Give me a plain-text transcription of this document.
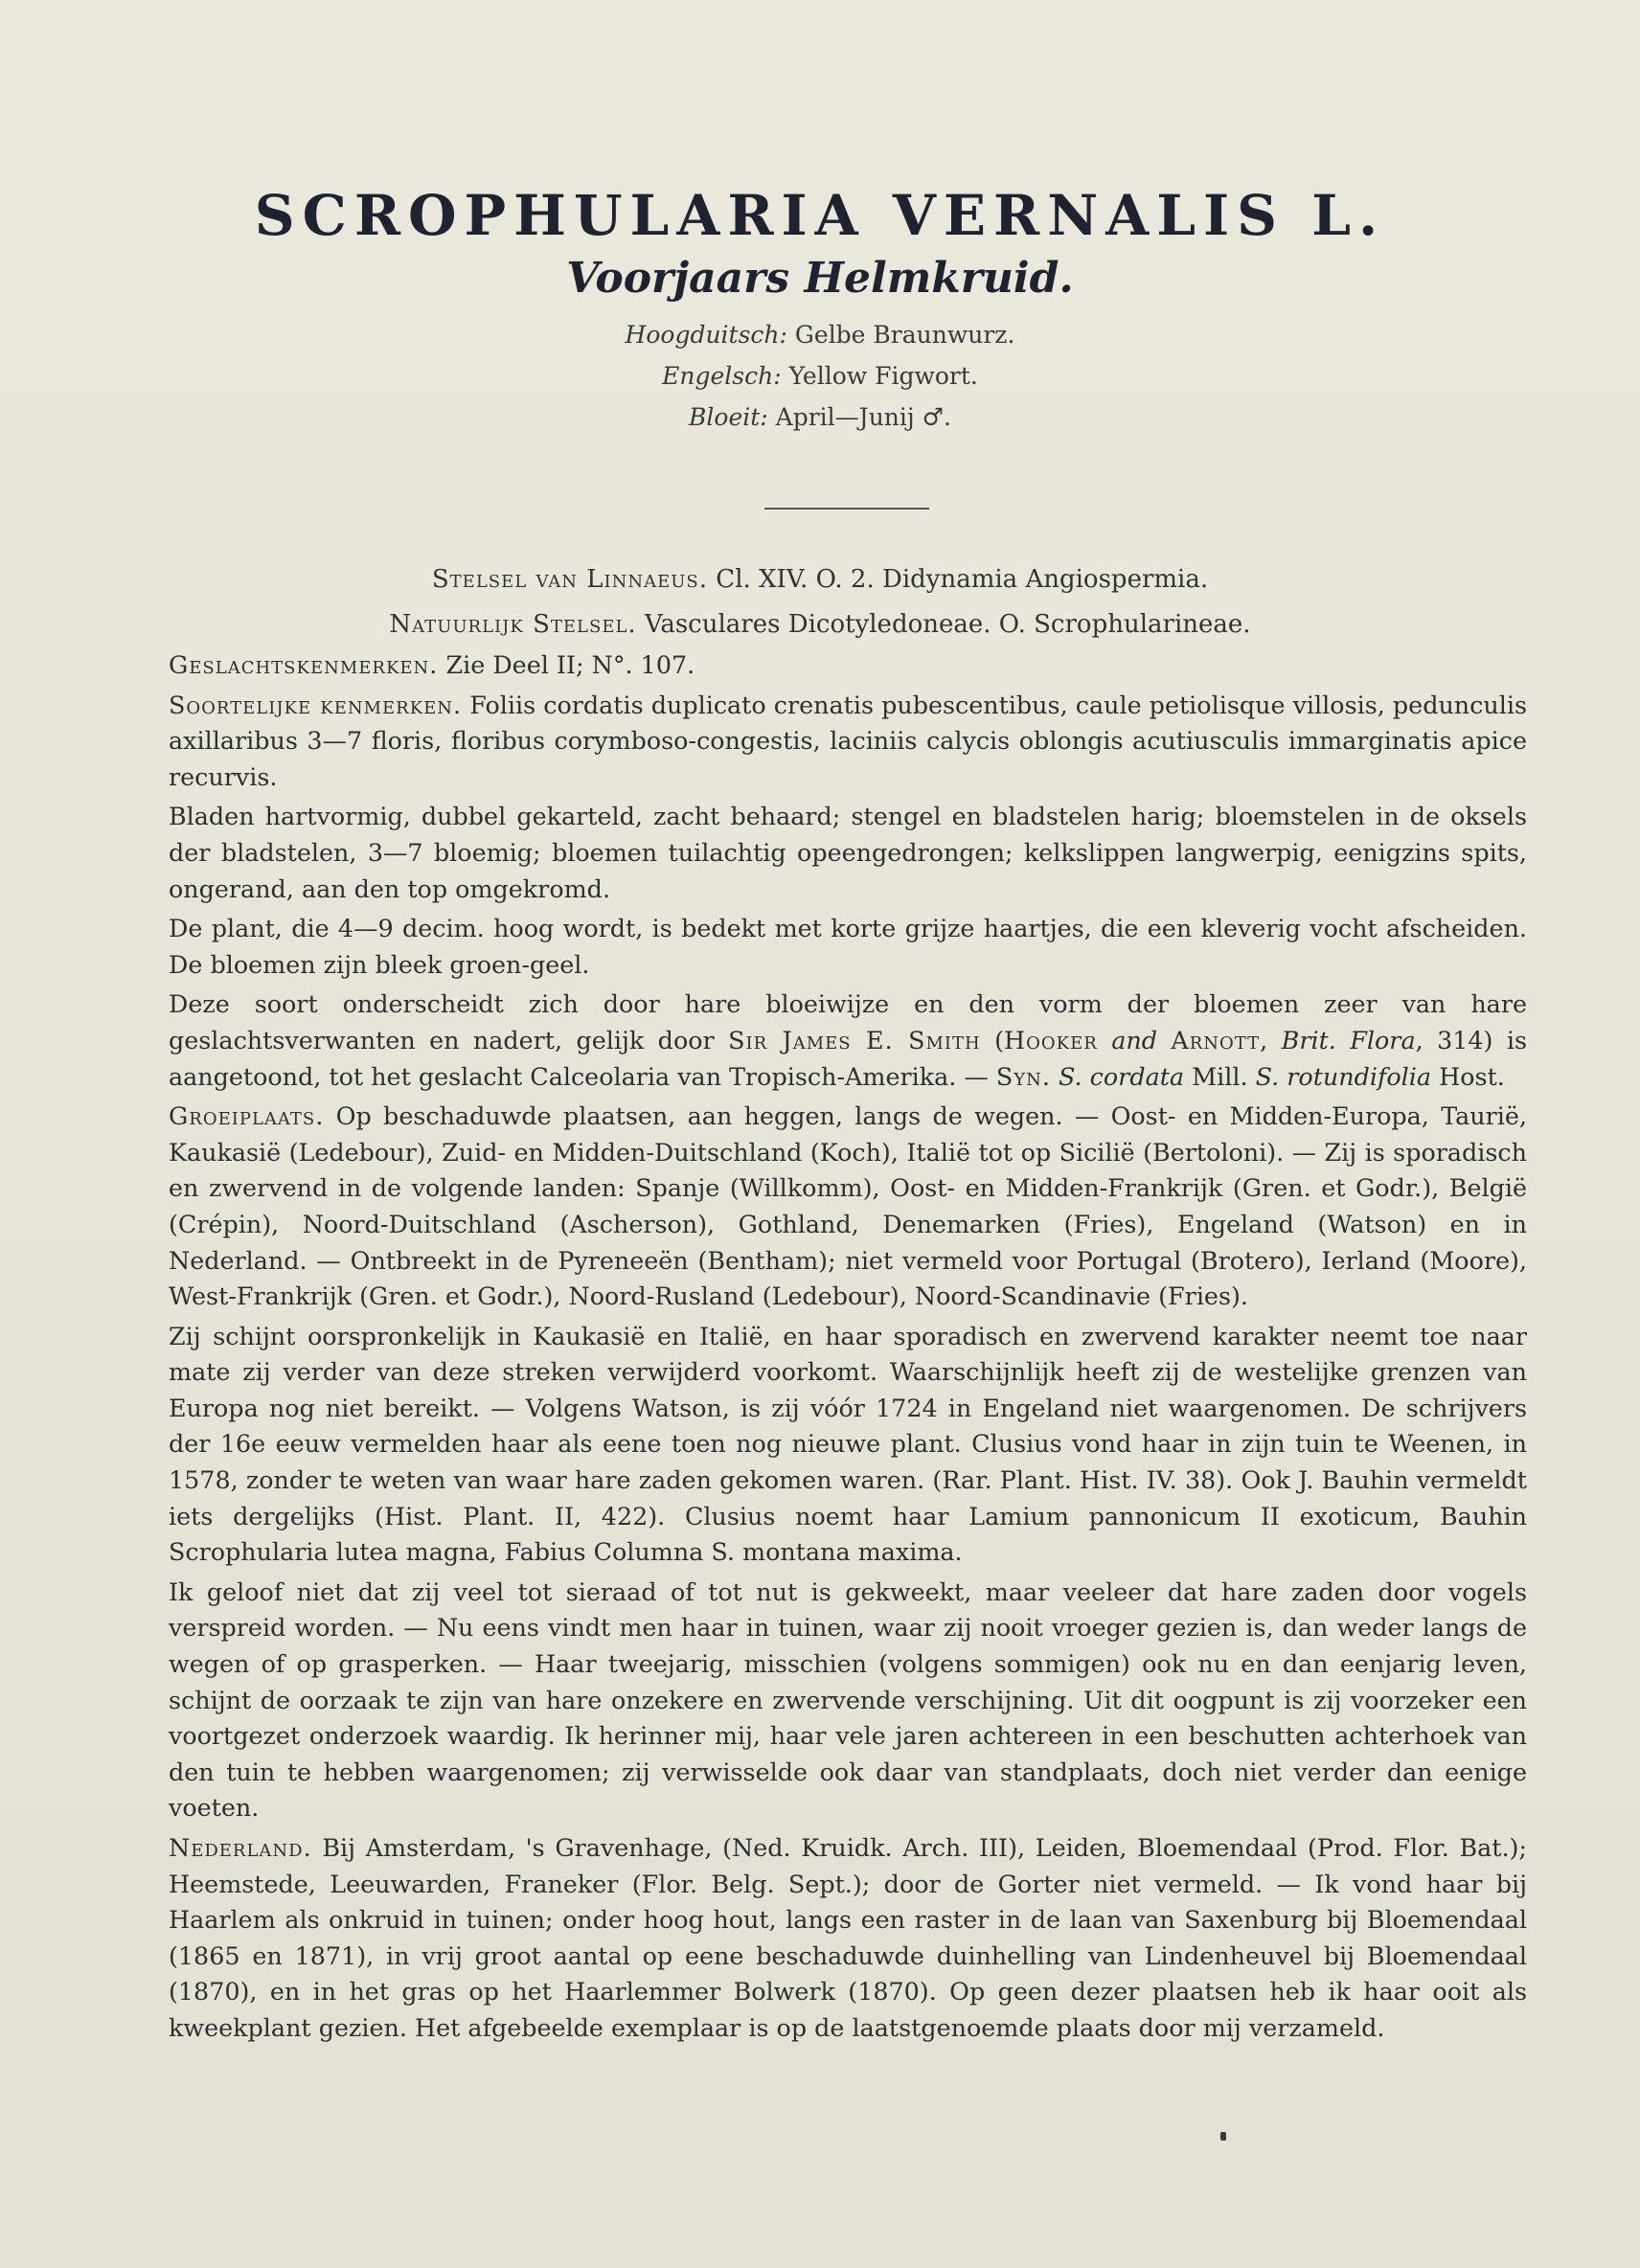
SCROPHULARIA VERNALIS L.
Voorjaars Helmkruid.
Hoogduitsch: Gelbe Braunwurz.
Engelsch: Yellow Figwort.
Bloeit: April—Junij ♂.
Stelsel van Linnaeus. Cl. XIV. O. 2. Didynamia Angiospermia.
Natuurlijk Stelsel. Vasculares Dicotyledoneae. O. Scrophularineae.

Geslachtskenmerken. Zie Deel II; N°. 107.

Soortelijke kenmerken. Foliis cordatis duplicato crenatis pubescentibus, caule petiolisque villosis, pedunculis axillaribus 3—7 floris, floribus corymboso-congestis, laciniis calycis oblongis acutiusculis immarginatis apice recurvis.

Bladen hartvormig, dubbel gekarteld, zacht behaard; stengel en bladstelen harig; bloemstelen in de oksels der bladstelen, 3—7 bloemig; bloemen tuilachtig opeengedrongen; kelkslippen langwerpig, eenigzins spits, ongerand, aan den top omgekromd.

De plant, die 4—9 decim. hoog wordt, is bedekt met korte grijze haartjes, die een kleverig vocht afscheiden. De bloemen zijn bleek groen-geel.

Deze soort onderscheidt zich door hare bloeiwijze en den vorm der bloemen zeer van hare geslachtsverwanten en nadert, gelijk door Sir James E. Smith (Hooker and Arnott, Brit. Flora, 314) is aangetoond, tot het geslacht Calceolaria van Tropisch-Amerika. — Syn. S. cordata Mill. S. rotundifolia Host.

Groeiplaats. Op beschaduwde plaatsen, aan heggen, langs de wegen. — Oost- en Midden-Europa, Taurië, Kaukasië (Ledebour), Zuid- en Midden-Duitschland (Koch), Italië tot op Sicilië (Bertoloni). — Zij is sporadisch en zwervend in de volgende landen: Spanje (Willkomm), Oost- en Midden-Frankrijk (Gren. et Godr.), België (Crépin), Noord-Duitschland (Ascherson), Gothland, Denemarken (Fries), Engeland (Watson) en in Nederland. — Ontbreekt in de Pyreneeën (Bentham); niet vermeld voor Portugal (Brotero), Ierland (Moore), West-Frankrijk (Gren. et Godr.), Noord-Rusland (Ledebour), Noord-Scandinavie (Fries).

Zij schijnt oorspronkelijk in Kaukasië en Italië, en haar sporadisch en zwervend karakter neemt toe naar mate zij verder van deze streken verwijderd voorkomt. Waarschijnlijk heeft zij de westelijke grenzen van Europa nog niet bereikt. — Volgens Watson, is zij vóór 1724 in Engeland niet waargenomen. De schrijvers der 16e eeuw vermelden haar als eene toen nog nieuwe plant. Clusius vond haar in zijn tuin te Weenen, in 1578, zonder te weten van waar hare zaden gekomen waren. (Rar. Plant. Hist. IV. 38). Ook J. Bauhin vermeldt iets dergelijks (Hist. Plant. II, 422). Clusius noemt haar Lamium pannonicum II exoticum, Bauhin Scrophularia lutea magna, Fabius Columna S. montana maxima.

Ik geloof niet dat zij veel tot sieraad of tot nut is gekweekt, maar veeleer dat hare zaden door vogels verspreid worden. — Nu eens vindt men haar in tuinen, waar zij nooit vroeger gezien is, dan weder langs de wegen of op grasperken. — Haar tweejarig, misschien (volgens sommigen) ook nu en dan eenjarig leven, schijnt de oorzaak te zijn van hare onzekere en zwervende verschijning. Uit dit oogpunt is zij voorzeker een voortgezet onderzoek waardig. Ik herinner mij, haar vele jaren achtereen in een beschutten achterhoek van den tuin te hebben waargenomen; zij verwisselde ook daar van standplaats, doch niet verder dan eenige voeten.

Nederland. Bij Amsterdam, 's Gravenhage, (Ned. Kruidk. Arch. III), Leiden, Bloemendaal (Prod. Flor. Bat.); Heemstede, Leeuwarden, Franeker (Flor. Belg. Sept.); door de Gorter niet vermeld. — Ik vond haar bij Haarlem als onkruid in tuinen; onder hoog hout, langs een raster in de laan van Saxenburg bij Bloemendaal (1865 en 1871), in vrij groot aantal op eene beschaduwde duinhelling van Lindenheuvel bij Bloemendaal (1870), en in het gras op het Haarlemmer Bolwerk (1870). Op geen dezer plaatsen heb ik haar ooit als kweekplant gezien. Het afgebeelde exemplaar is op de laatstgenoemde plaats door mij verzameld.
